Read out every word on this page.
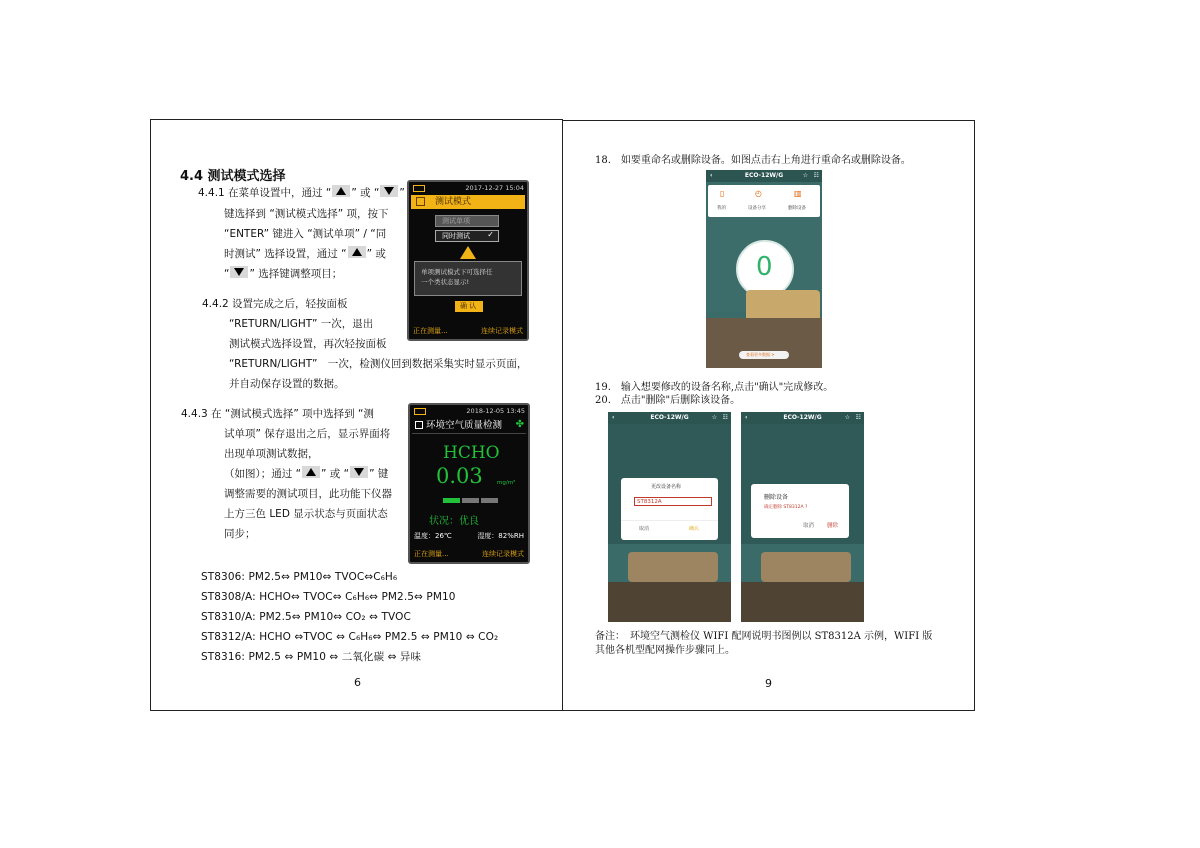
4.4 测试模式选择
4.4.1 在菜单设置中，通过 “ ” 或 “ ”
键选择到 “测试模式选择” 项，按下
“ENTER” 键进入 “测试单项” / “同
时测试” 选择设置，通过 “ ” 或
“ ” 选择键调整项目；
4.4.2 设置完成之后，轻按面板
“RETURN/LIGHT” 一次，退出
测试模式选择设置，再次轻按面板
“RETURN/LIGHT”　一次，检测仪回到数据采集实时显示页面，
并自动保存设置的数据。
4.4.3 在 “测试模式选择” 项中选择到 “测
试单项” 保存退出之后，显示界面将
出现单项测试数据，
（如图）；通过 “ ” 或 “ ” 键
调整需要的测试项目，此功能下仪器
上方三色 LED 显示状态与页面状态
同步；
ST8306: PM2.5⇔ PM10⇔ TVOC⇔C₆H₆
ST8308/A: HCHO⇔ TVOC⇔ C₆H₆⇔ PM2.5⇔ PM10
ST8310/A: PM2.5⇔ PM10⇔ CO₂ ⇔ TVOC
ST8312/A: HCHO ⇔TVOC ⇔ C₆H₆⇔ PM2.5 ⇔ PM10 ⇔ CO₂
ST8316: PM2.5 ⇔ PM10 ⇔ 二氧化碳 ⇔ 异味
6
2017-12-27 15:04
测试模式
测试单项
同时测试 ✓
单项测试模式下可选择任
一个类状态显示!
确 认
正在测量...	连续记录模式
2018-12-05 13:45
环境空气质量检测 ✤
HCHO
0.03	mg/m³
状况：优良
温度：26℃	湿度：82%RH
正在测量...	连续记录模式
18.　如要重命名或删除设备。如图点击右上角进行重命名或删除设备。
‹	ECO-12W/G	☆ ☷
▯
我的
◴
设备分享
▥
删除设备
0
查看更多数据 >
19.　输入想要修改的设备名称,点击"确认"完成修改。
20.　点击"删除"后删除该设备。
‹	ECO-12W/G	☆ ☷
更改设备名称
ST8312A
取消	确认
‹	ECO-12W/G	☆ ☷
删除设备
确定删除 ST8312A ?
取消 删除
备注：　环境空气测检仪 WIFI 配网说明书图例以 ST8312A 示例，WIFI 版
其他各机型配网操作步骤同上。
9
